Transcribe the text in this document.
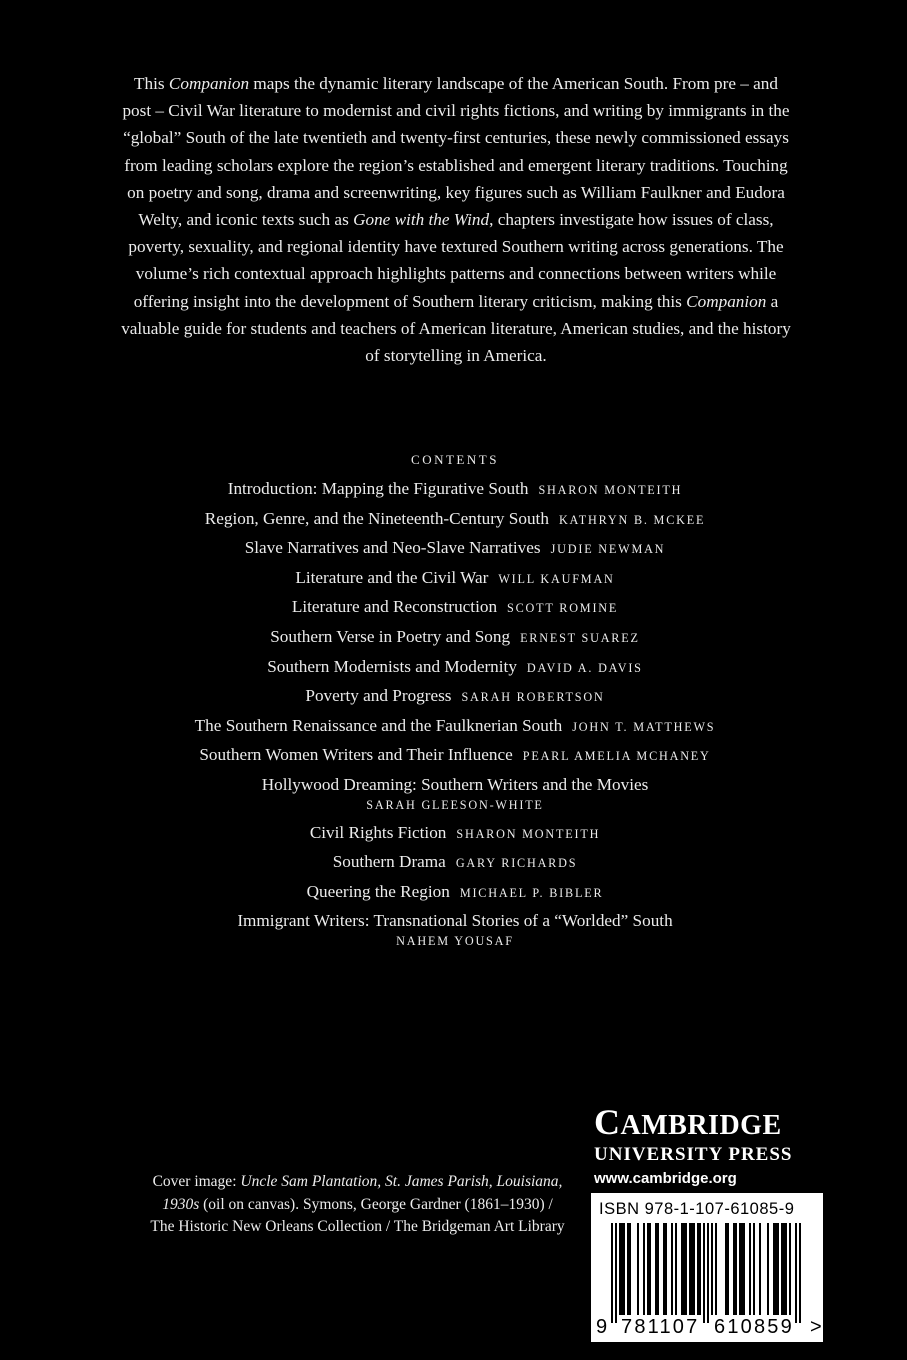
This Companion maps the dynamic literary landscape of the American South. From pre – and post – Civil War literature to modernist and civil rights fictions, and writing by immigrants in the “global” South of the late twentieth and twenty-first centuries, these newly commissioned essays from leading scholars explore the region’s established and emergent literary traditions. Touching on poetry and song, drama and screenwriting, key figures such as William Faulkner and Eudora Welty, and iconic texts such as Gone with the Wind, chapters investigate how issues of class, poverty, sexuality, and regional identity have textured Southern writing across generations. The volume’s rich contextual approach highlights patterns and connections between writers while offering insight into the development of Southern literary criticism, making this Companion a valuable guide for students and teachers of American literature, American studies, and the history of storytelling in America.

CONTENTS
Introduction: Mapping the Figurative South SHARON MONTEITH
Region, Genre, and the Nineteenth-Century South KATHRYN B. MCKEE
Slave Narratives and Neo-Slave Narratives JUDIE NEWMAN
Literature and the Civil War WILL KAUFMAN
Literature and Reconstruction SCOTT ROMINE
Southern Verse in Poetry and Song ERNEST SUAREZ
Southern Modernists and Modernity DAVID A. DAVIS
Poverty and Progress SARAH ROBERTSON
The Southern Renaissance and the Faulknerian South JOHN T. MATTHEWS
Southern Women Writers and Their Influence PEARL AMELIA MCHANEY
Hollywood Dreaming: Southern Writers and the Movies
SARAH GLEESON-WHITE
Civil Rights Fiction SHARON MONTEITH
Southern Drama GARY RICHARDS
Queering the Region MICHAEL P. BIBLER
Immigrant Writers: Transnational Stories of a “Worlded” South
NAHEM YOUSAF

Cover image: Uncle Sam Plantation, St. James Parish, Louisiana, 1930s (oil on canvas). Symons, George Gardner (1861–1930) / The Historic New Orleans Collection / The Bridgeman Art Library

CAMBRIDGE
UNIVERSITY PRESS
www.cambridge.org
ISBN 978-1-107-61085-9
9 781107 610859 >
